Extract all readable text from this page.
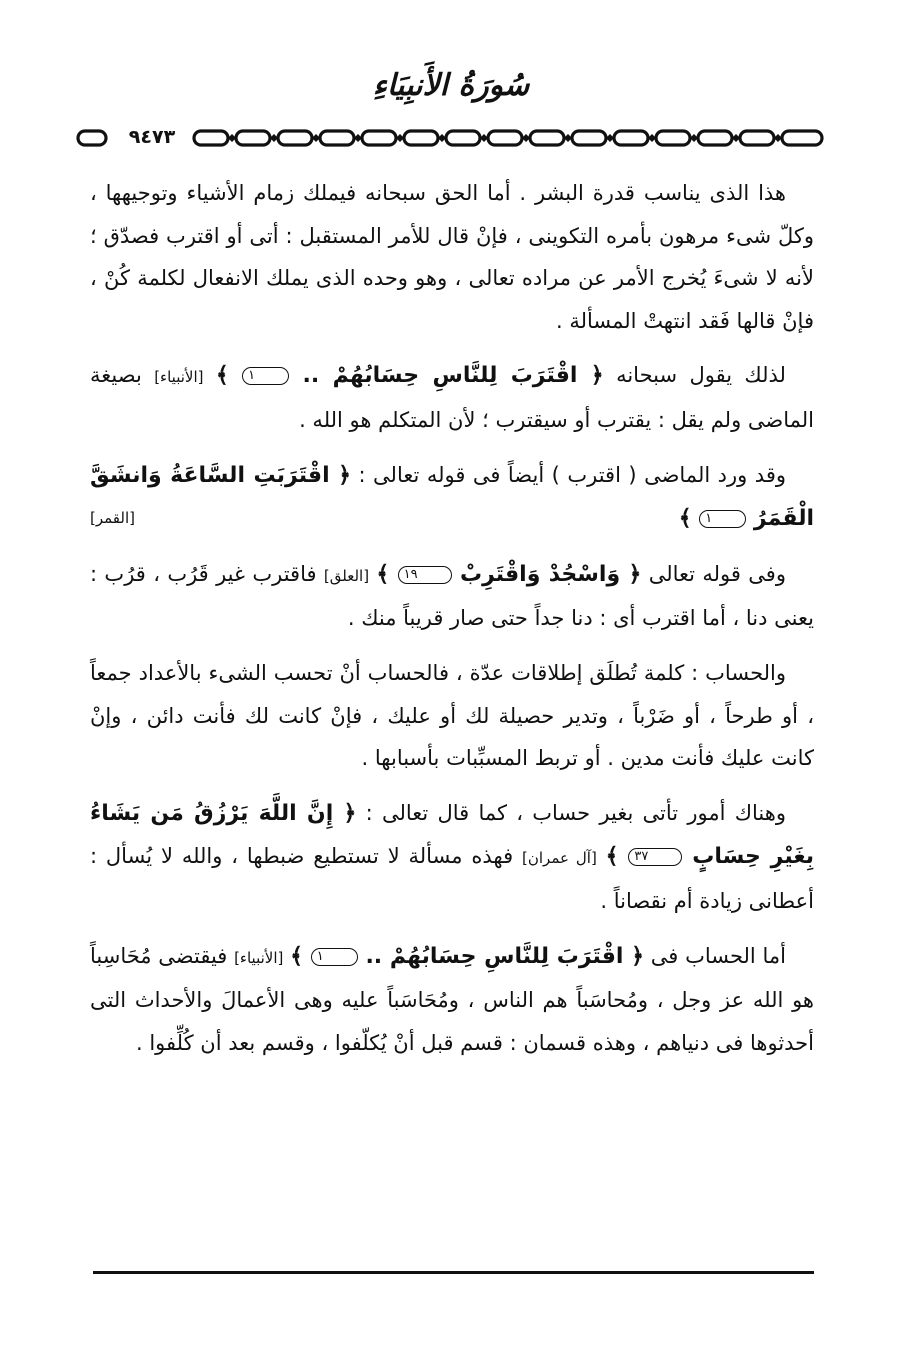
سُورَةُ الأَنبِيَاءِ
٩٤٧٣

هذا الذى يناسب قدرة البشر . أما الحق سبحانه فيملك زمام الأشياء وتوجيهها ، وكلّ شىء مرهون بأمره التكوينى ، فإنْ قال للأمر المستقبل : أتى أو اقترب فصدّق ؛ لأنه لا شىءَ يُخرج الأمر عن مراده تعالى ، وهو وحده الذى يملك الانفعال لكلمة كُنْ ، فإنْ قالها فَقد انتهتْ المسألة .

لذلك يقول سبحانه ﴿ اقْتَرَبَ لِلنَّاسِ حِسَابُهُمْ .. ١ ﴾ [الأنبياء] بصيغة الماضى ولم يقل : يقترب أو سيقترب ؛ لأن المتكلم هو الله .

وقد ورد الماضى ( اقترب ) أيضاً فى قوله تعالى : ﴿ اقْتَرَبَتِ السَّاعَةُ وَانشَقَّ الْقَمَرُ ١ ﴾
[القمر]

وفى قوله تعالى ﴿ وَاسْجُدْ وَاقْتَرِبْ ١٩ ﴾ [العلق] فاقترب غير قَرُب ، قرُب : يعنى دنا ، أما اقترب أى : دنا جداً حتى صار قريباً منك .

والحساب : كلمة تُطلَق إطلاقات عدّة ، فالحساب أنْ تحسب الشىء بالأعداد جمعاً ، أو طرحاً ، أو ضَرْباً ، وتدير حصيلة لك أو عليك ، فإنْ كانت لك فأنت دائن ، وإنْ كانت عليك فأنت مدين . أو تربط المسبِّبات بأسبابها .

وهناك أمور تأتى بغير حساب ، كما قال تعالى : ﴿ إِنَّ اللَّهَ يَرْزُقُ مَن يَشَاءُ بِغَيْرِ حِسَابٍ ٣٧ ﴾ [آل عمران] فهذه مسألة لا تستطيع ضبطها ، والله لا يُسأل : أعطانى زيادة أم نقصاناً .

أما الحساب فى ﴿ اقْتَرَبَ لِلنَّاسِ حِسَابُهُمْ .. ١ ﴾ [الأنبياء] فيقتضى مُحَاسِباً هو الله عز وجل ، ومُحاسَباً هم الناس ، ومُحَاسَباً عليه وهى الأعمالَ والأحداث التى أحدثوها فى دنياهم ، وهذه قسمان : قسم قبل أنْ يُكلّفوا ، وقسم بعد أن كُلِّفوا .
